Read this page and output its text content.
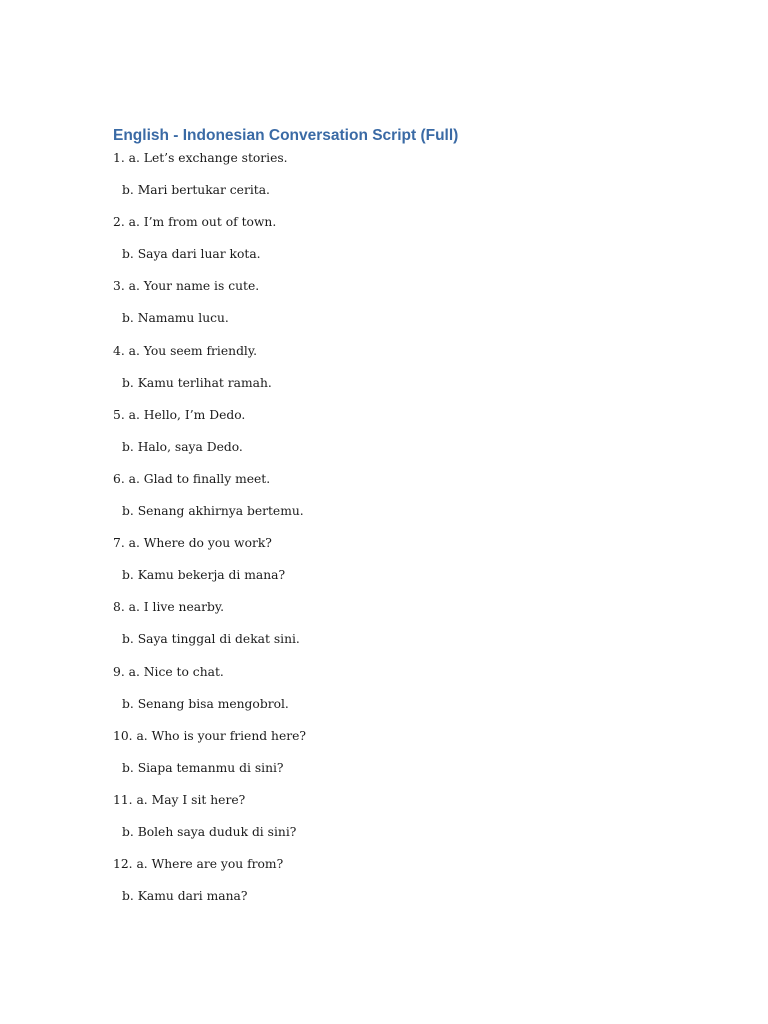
English - Indonesian Conversation Script (Full)
1. a. Let’s exchange stories.
b. Mari bertukar cerita.
2. a. I’m from out of town.
b. Saya dari luar kota.
3. a. Your name is cute.
b. Namamu lucu.
4. a. You seem friendly.
b. Kamu terlihat ramah.
5. a. Hello, I’m Dedo.
b. Halo, saya Dedo.
6. a. Glad to finally meet.
b. Senang akhirnya bertemu.
7. a. Where do you work?
b. Kamu bekerja di mana?
8. a. I live nearby.
b. Saya tinggal di dekat sini.
9. a. Nice to chat.
b. Senang bisa mengobrol.
10. a. Who is your friend here?
b. Siapa temanmu di sini?
11. a. May I sit here?
b. Boleh saya duduk di sini?
12. a. Where are you from?
b. Kamu dari mana?
